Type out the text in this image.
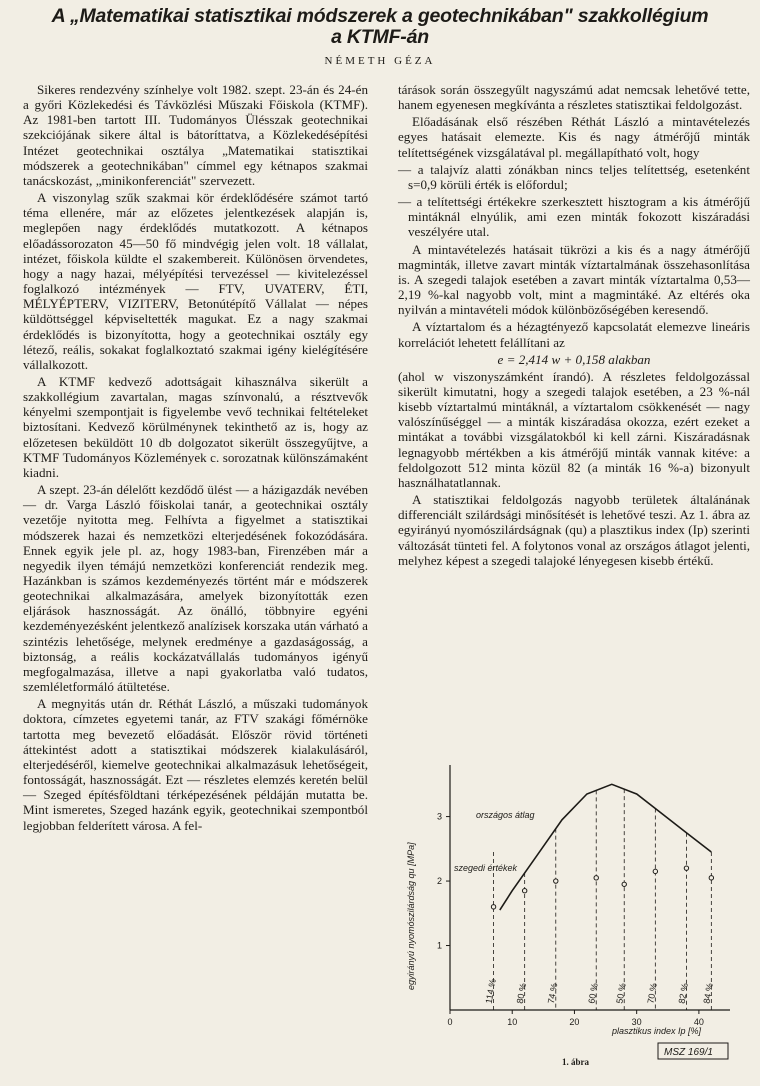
A „Matematikai statisztikai módszerek a geotechnikában" szakkollégium
a KTMF-án
NÉMETH GÉZA

Sikeres rendezvény színhelye volt 1982. szept. 23-án és 24-én a győri Közlekedési és Távközlési Műszaki Főiskola (KTMF). Az 1981-ben tartott III. Tudományos Ülésszak geotechnikai szekciójának sikere által is bátoríttatva, a Közlekedésépítési Intézet geotechnikai osztálya „Matematikai statisztikai módszerek a geotechnikában" címmel egy kétnapos szakmai tanácskozást, „minikonferenciát" szervezett.

A viszonylag szűk szakmai kör érdeklődésére számot tartó téma ellenére, már az előzetes jelentkezések alapján is, meglepően nagy érdeklődés mutatkozott. A kétnapos előadássorozaton 45—50 fő mindvégig jelen volt. 18 vállalat, intézet, főiskola küldte el szakembereit. Különösen örvendetes, hogy a nagy hazai, mélyépítési tervezéssel — kivitelezéssel foglalkozó intézmények — FTV, UVATERV, ÉTI, MÉLYÉPTERV, VIZITERV, Betonútépítő Vállalat — népes küldöttséggel képviseltették magukat. Ez a nagy szakmai érdeklődés is bizonyította, hogy a geotechnikai osztály egy létező, reális, sokakat foglalkoztató szakmai igény kielégítésére vállalkozott.

A KTMF kedvező adottságait kihasználva sikerült a szakkollégium zavartalan, magas színvonalú, a résztvevők kényelmi szempontjait is figyelembe vevő technikai feltételeket biztosítani. Kedvező körülménynek tekinthető az is, hogy az előzetesen beküldött 10 db dolgozatot sikerült összegyűjtve, a KTMF Tudományos Közlemények c. sorozatnak különszámaként kiadni.

A szept. 23-án délelőtt kezdődő ülést — a házigazdák nevében — dr. Varga László főiskolai tanár, a geotechnikai osztály vezetője nyitotta meg. Felhívta a figyelmet a statisztikai módszerek hazai és nemzetközi elterjedésének fokozódására. Ennek egyik jele pl. az, hogy 1983-ban, Firenzében már a negyedik ilyen témájú nemzetközi konferenciát rendezik meg. Hazánkban is számos kezdeményezés történt már e módszerek geotechnikai alkalmazására, amelyek bizonyították ezen eljárások hasznosságát. Az önálló, többnyire egyéni kezdeményezésként jelentkező analízisek korszaka után várható a szintézis lehetősége, melynek eredménye a gazdaságosság, a biztonság, a reális kockázatvállalás tudományos igényű megfogalmazása, illetve a napi gyakorlatba való tudatos, szemléletformáló átültetése.

A megnyitás után dr. Réthát László, a műszaki tudományok doktora, címzetes egyetemi tanár, az FTV szakági főmérnöke tartotta meg bevezető előadását. Először rövid történeti áttekintést adott a statisztikai módszerek kialakulásáról, elterjedéséről, kiemelve geotechnikai alkalmazásuk lehetőségeit, fontosságát, hasznosságát. Ezt — részletes elemzés keretén belül — Szeged építésföldtani térképezésének példáján mutatta be. Mint ismeretes, Szeged hazánk egyik, geotechnikai szempontból legjobban felderített városa. A fel-

tárások során összegyűlt nagyszámú adat nemcsak lehetővé tette, hanem egyenesen megkívánta a részletes statisztikai feldolgozást.

Előadásának első részében Réthát László a mintavételezés egyes hatásait elemezte. Kis és nagy átmérőjű minták telítettségének vizsgálatával pl. megállapítható volt, hogy

— a talajvíz alatti zónákban nincs teljes telítettség, esetenként s=0,9 körüli érték is előfordul;

— a telítettségi értékekre szerkesztett hisztogram a kis átmérőjű mintáknál elnyúlik, ami ezen minták fokozott kiszáradási veszélyére utal.

A mintavételezés hatásait tükrözi a kis és a nagy átmérőjű magminták, illetve zavart minták víztartalmának összehasonlítása is. A szegedi talajok esetében a zavart minták víztartalma 0,53—2,19 %-kal nagyobb volt, mint a magmintáké. Az eltérés oka nyilván a mintavételi módok különbözőségében keresendő.

A víztartalom és a hézagtényező kapcsolatát elemezve lineáris korrelációt lehetett felállítani az

e = 2,414 w + 0,158 alakban

(ahol w viszonyszámként írandó). A részletes feldolgozással sikerült kimutatni, hogy a szegedi talajok esetében, a 23 %-nál kisebb víztartalmú mintáknál, a víztartalom csökkenését — nagy valószínűséggel — a minták kiszáradása okozza, ezért ezeket a mintákat a további vizsgálatokból ki kell zárni. Kiszáradásnak legnagyobb mértékben a kis átmérőjű minták vannak kitéve: a feldolgozott 512 minta közül 82 (a minták 16 %-a) bizonyult használhatatlannak.

A statisztikai feldolgozás nagyobb területek általánának differenciált szilárdsági minősítését is lehetővé teszi. Az 1. ábra az egyirányú nyomószilárdságnak (qu) a plasztikus index (Ip) szerinti változását tünteti fel. A folytonos vonal az országos átlagot jelenti, melyhez képest a szegedi talajoké lényegesen kisebb értékű.

0	10	20	30	40
1
2
3
114 % 80 % 74 %	60 % 50 % 70 % 82 % 84 %
egyirányú nyomószilárdság qu [MPa]
plasztikus index Ip [%]
országos átlag
szegedi értékek
1. ábra
MSZ 169/1
